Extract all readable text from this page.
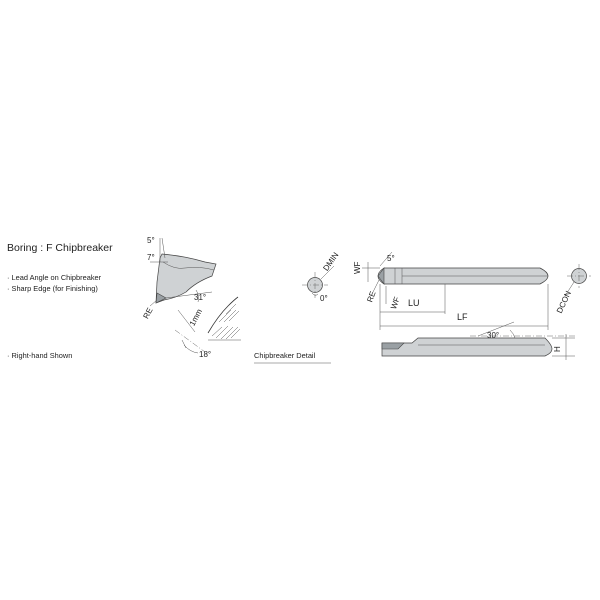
Boring : F Chipbreaker
· Lead Angle on Chipbreaker
· Sharp Edge (for Finishing)
· Right-hand Shown
5°
7°
RE
31°
1mm
18°	Chipbreaker Detail
DMIN
0°
WF
5°
RE WF LU
LF
DCON
30°
H
